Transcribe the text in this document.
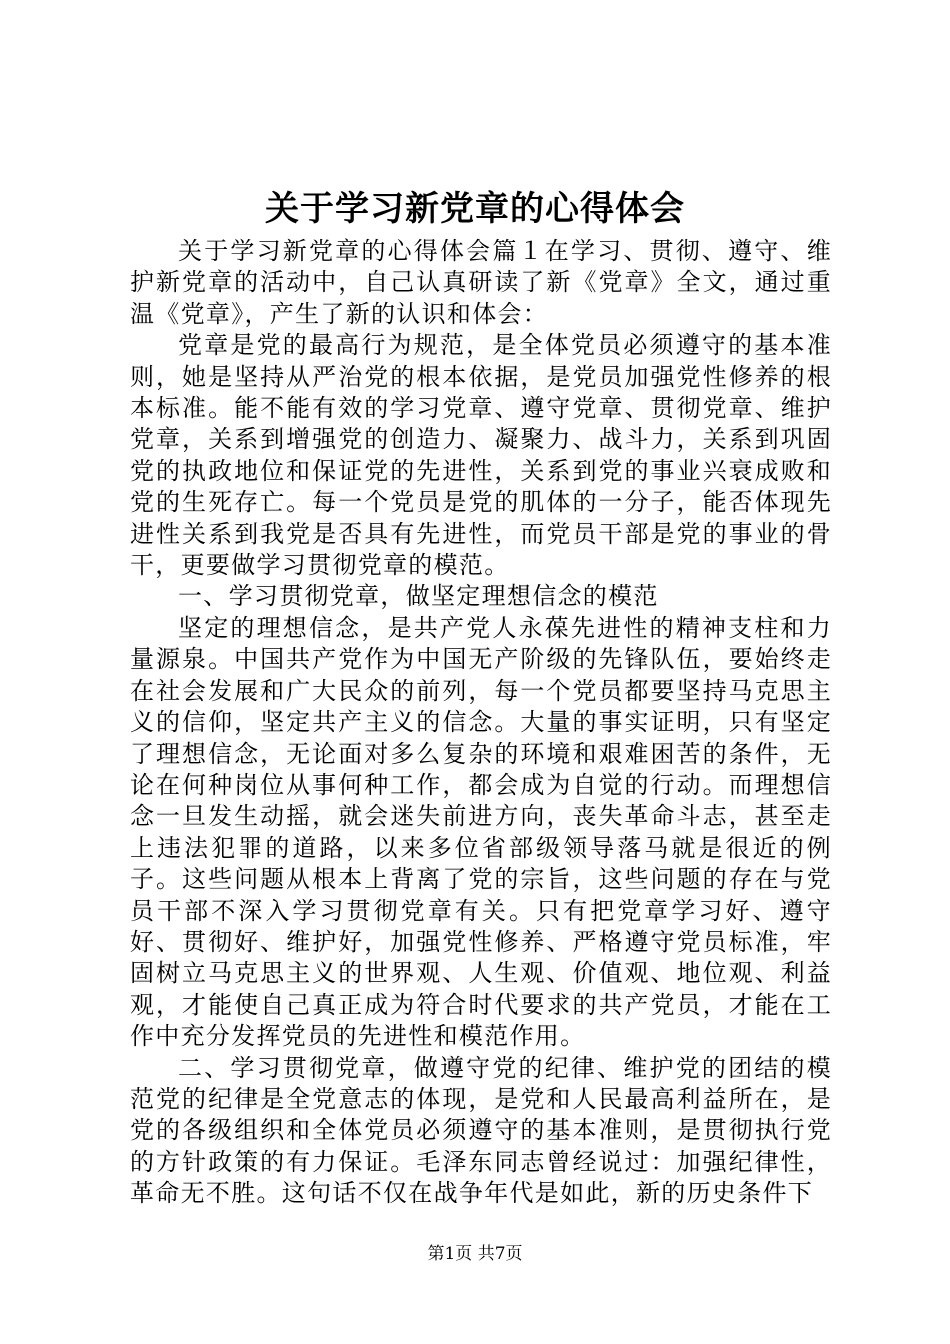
关于学习新党章的心得体会

关于学习新党章的心得体会篇１在学习、贯彻、遵守、维护新党章的活动中，自己认真研读了新《党章》全文，通过重温《党章》，产生了新的认识和体会：

党章是党的最高行为规范，是全体党员必须遵守的基本准则，她是坚持从严治党的根本依据，是党员加强党性修养的根本标准。能不能有效的学习党章、遵守党章、贯彻党章、维护党章，关系到增强党的创造力、凝聚力、战斗力，关系到巩固党的执政地位和保证党的先进性，关系到党的事业兴衰成败和党的生死存亡。每一个党员是党的肌体的一分子，能否体现先进性关系到我党是否具有先进性，而党员干部是党的事业的骨干，更要做学习贯彻党章的模范。

一、学习贯彻党章，做坚定理想信念的模范

坚定的理想信念，是共产党人永葆先进性的精神支柱和力量源泉。中国共产党作为中国无产阶级的先锋队伍，要始终走在社会发展和广大民众的前列，每一个党员都要坚持马克思主义的信仰，坚定共产主义的信念。大量的事实证明，只有坚定了理想信念，无论面对多么复杂的环境和艰难困苦的条件，无论在何种岗位从事何种工作，都会成为自觉的行动。而理想信念一旦发生动摇，就会迷失前进方向，丧失革命斗志，甚至走上违法犯罪的道路，以来多位省部级领导落马就是很近的例子。这些问题从根本上背离了党的宗旨，这些问题的存在与党员干部不深入学习贯彻党章有关。只有把党章学习好、遵守好、贯彻好、维护好，加强党性修养、严格遵守党员标准，牢固树立马克思主义的世界观、人生观、价值观、地位观、利益观，才能使自己真正成为符合时代要求的共产党员，才能在工作中充分发挥党员的先进性和模范作用。

二、学习贯彻党章，做遵守党的纪律、维护党的团结的模范党的纪律是全党意志的体现，是党和人民最高利益所在，是党的各级组织和全体党员必须遵守的基本准则，是贯彻执行党的方针政策的有力保证。毛泽东同志曾经说过：加强纪律性，革命无不胜。这句话不仅在战争年代是如此，新的历史条件下

第1页 共7页
